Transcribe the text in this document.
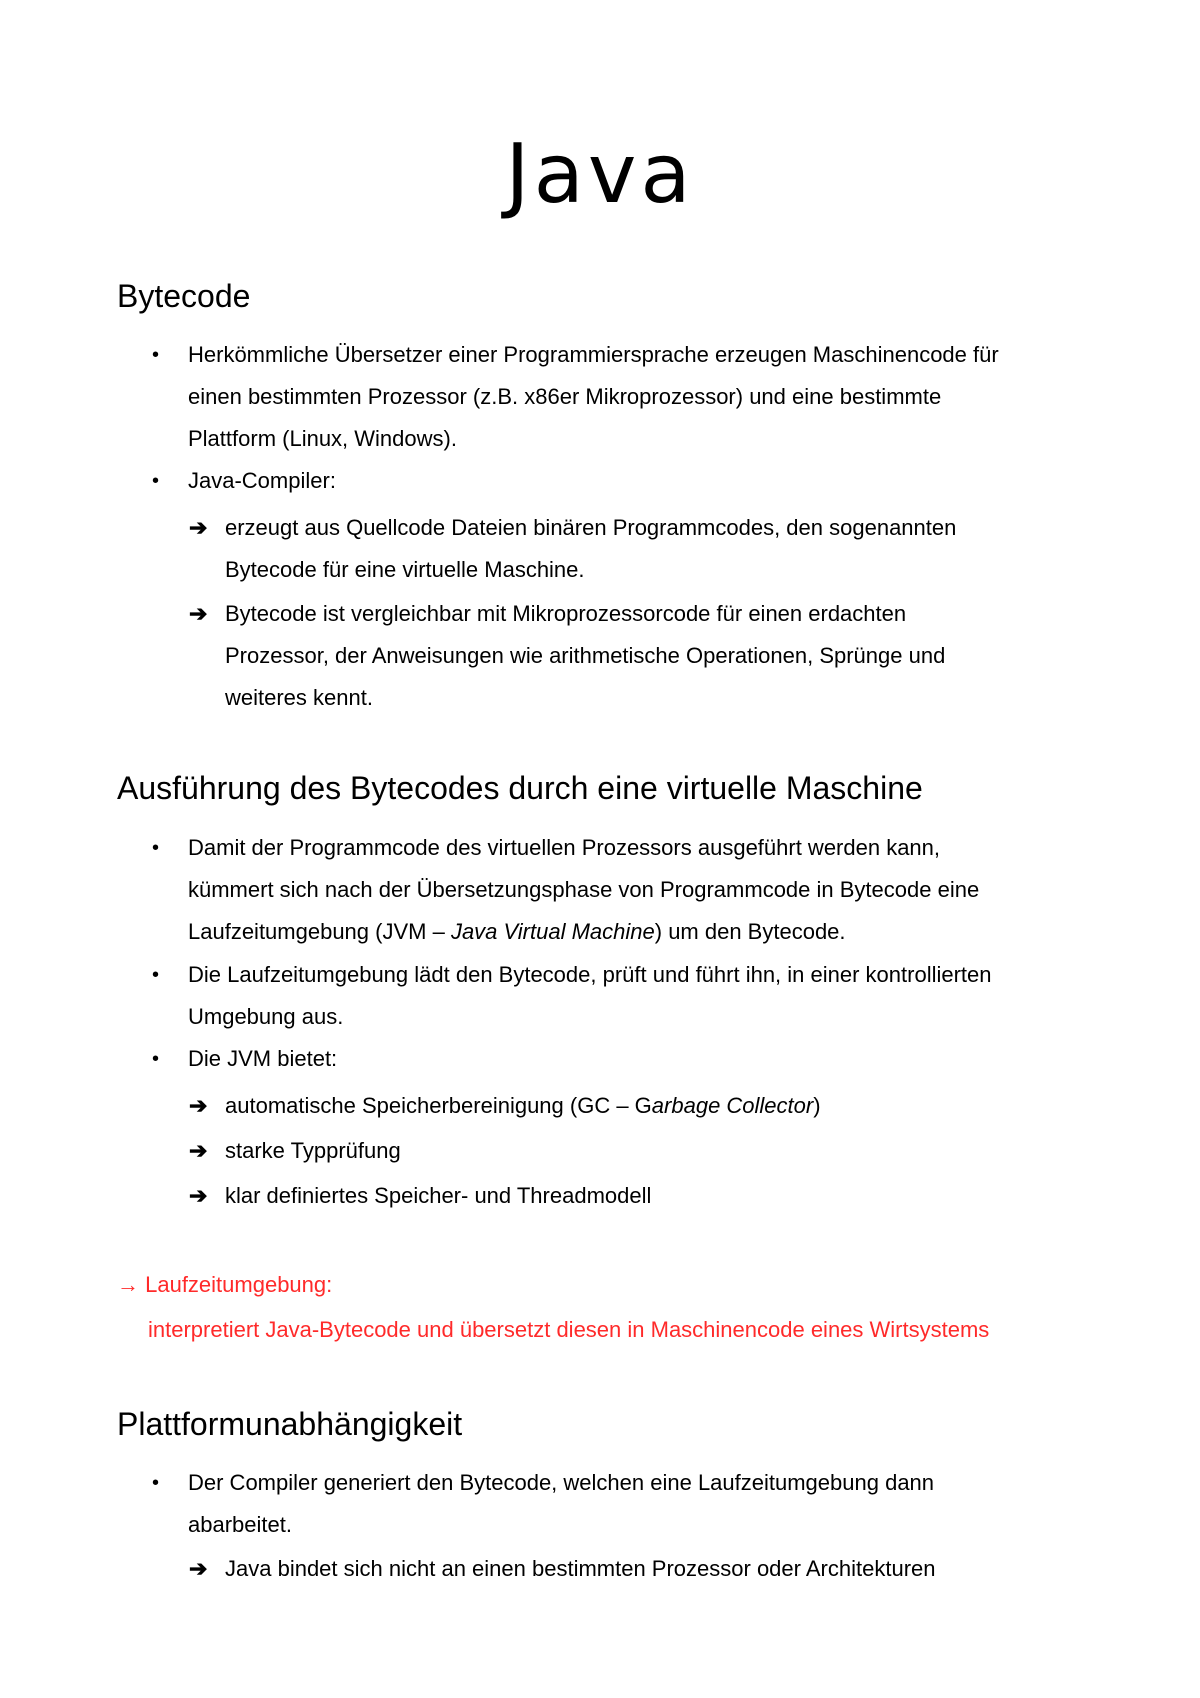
Java
Bytecode
• Herkömmliche Übersetzer einer Programmiersprache erzeugen Maschinencode für
einen bestimmten Prozessor (z.B. x86er Mikroprozessor) und eine bestimmte
Plattform (Linux, Windows).
• Java-Compiler:
➔ erzeugt aus Quellcode Dateien binären Programmcodes, den sogenannten
Bytecode für eine virtuelle Maschine.
➔ Bytecode ist vergleichbar mit Mikroprozessorcode für einen erdachten
Prozessor, der Anweisungen wie arithmetische Operationen, Sprünge und
weiteres kennt.
Ausführung des Bytecodes durch eine virtuelle Maschine
• Damit der Programmcode des virtuellen Prozessors ausgeführt werden kann,
kümmert sich nach der Übersetzungsphase von Programmcode in Bytecode eine
Laufzeitumgebung (JVM – Java Virtual Machine) um den Bytecode.
• Die Laufzeitumgebung lädt den Bytecode, prüft und führt ihn, in einer kontrollierten
Umgebung aus.
• Die JVM bietet:
➔ automatische Speicherbereinigung (GC – Garbage Collector)
➔ starke Typprüfung
➔ klar definiertes Speicher- und Threadmodell
→ Laufzeitumgebung:
interpretiert Java-Bytecode und übersetzt diesen in Maschinencode eines Wirtsystems
Plattformunabhängigkeit
• Der Compiler generiert den Bytecode, welchen eine Laufzeitumgebung dann
abarbeitet.
➔ Java bindet sich nicht an einen bestimmten Prozessor oder Architekturen
